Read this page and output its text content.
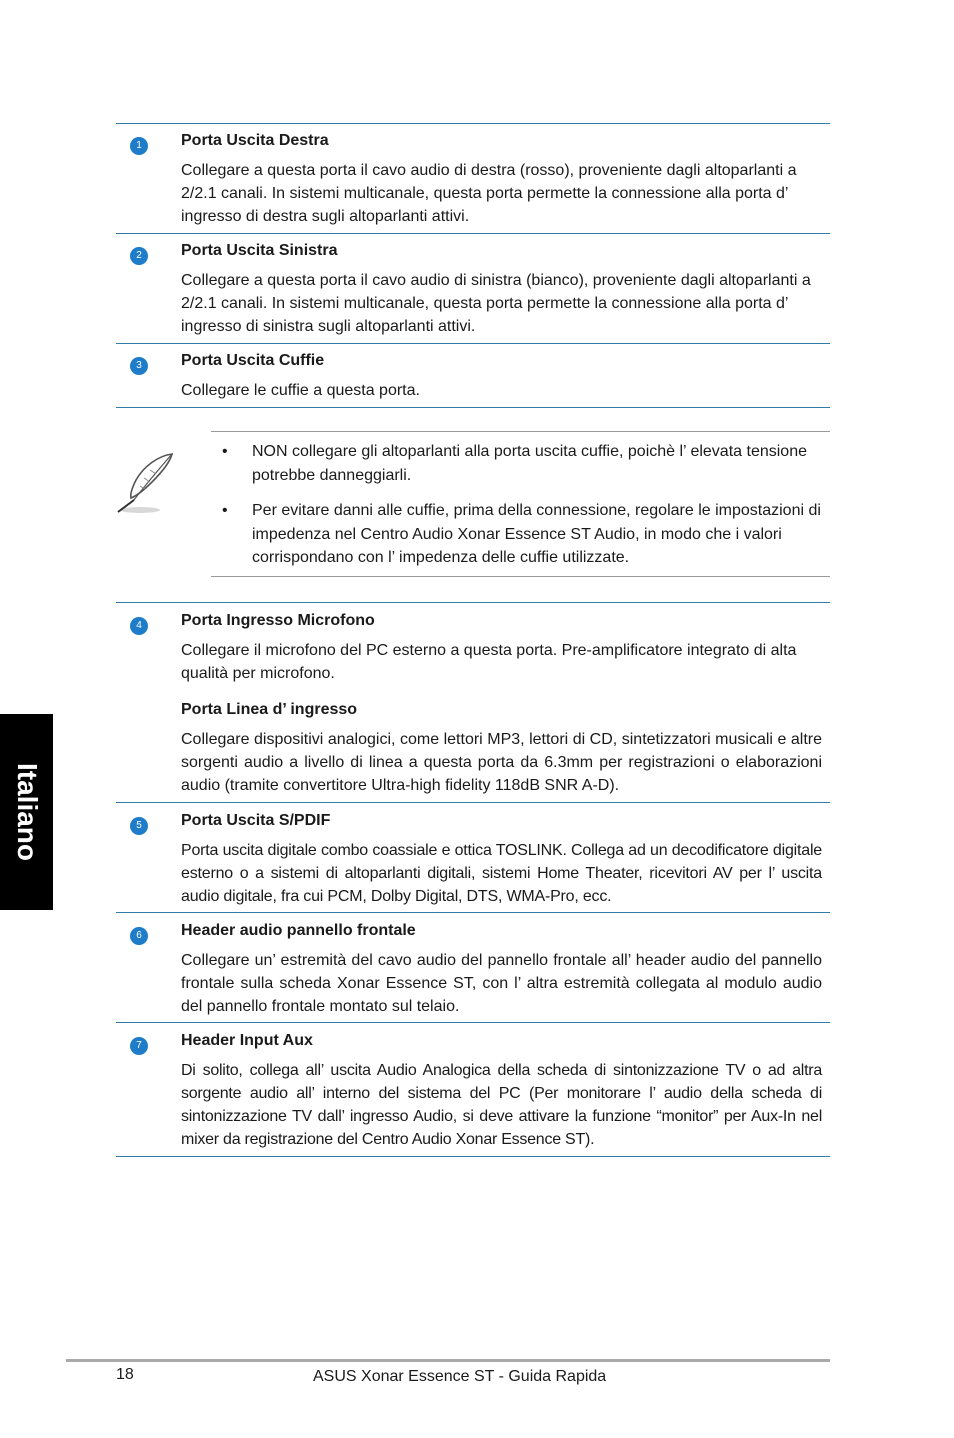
1	Porta Uscita Destra
Collegare a questa porta il cavo audio di destra (rosso), proveniente dagli altoparlanti a 2/2.1 canali. In sistemi multicanale, questa porta permette la connessione alla porta d’ ingresso di destra sugli altoparlanti attivi.
2	Porta Uscita Sinistra
Collegare a questa porta il cavo audio di sinistra (bianco), proveniente dagli altoparlanti a 2/2.1 canali. In sistemi multicanale, questa porta permette la connessione alla porta d’ ingresso di sinistra sugli altoparlanti attivi.
3	Porta Uscita Cuffie
Collegare le cuffie a questa porta.
• NON collegare gli altoparlanti alla porta uscita cuffie, poichè l’ elevata tensione potrebbe danneggiarli.
• Per evitare danni alle cuffie, prima della connessione, regolare le impostazioni di impedenza nel Centro Audio Xonar Essence ST Audio, in modo che i valori corrispondano con l’ impedenza delle cuffie utilizzate.
4	Porta Ingresso Microfono
Collegare il microfono del PC esterno a questa porta. Pre-amplificatore integrato di alta qualità per microfono.
Porta Linea d’ ingresso
Collegare dispositivi analogici, come lettori MP3, lettori di CD, sintetizzatori musicali e altre sorgenti audio a livello di linea a questa porta da 6.3mm per registrazioni o elaborazioni audio (tramite convertitore Ultra-high fidelity 118dB SNR A-D).
5	Porta Uscita S/PDIF
Porta uscita digitale combo coassiale e ottica TOSLINK. Collega ad un decodificatore digitale esterno o a sistemi di altoparlanti digitali, sistemi Home Theater, ricevitori AV per l’ uscita audio digitale, fra cui PCM, Dolby Digital, DTS, WMA-Pro, ecc.
6	Header audio pannello frontale
Collegare un’ estremità del cavo audio del pannello frontale all’ header audio del pannello frontale sulla scheda Xonar Essence ST, con l’ altra estremità collegata al modulo audio del pannello frontale montato sul telaio.
7	Header Input Aux
Di solito, collega all’ uscita Audio Analogica della scheda di sintonizzazione TV o ad altra sorgente audio all’ interno del sistema del PC (Per monitorare l’ audio della scheda di sintonizzazione TV dall’ ingresso Audio, si deve attivare la funzione “monitor” per Aux-In nel mixer da registrazione del Centro Audio Xonar Essence ST).
Italiano
18	ASUS Xonar Essence ST - Guida Rapida
